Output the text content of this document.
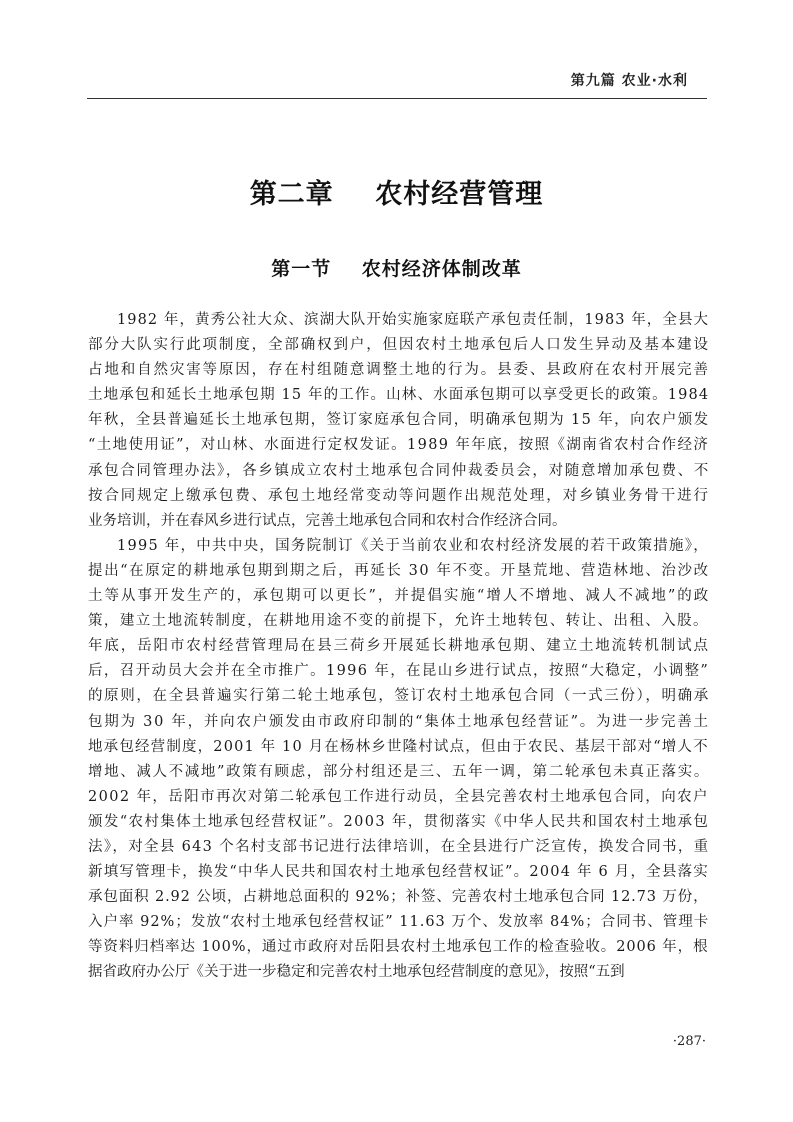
第九篇 农业·水利
第二章    农村经营管理
第一节    农村经济体制改革

1982 年，黄秀公社大众、滨湖大队开始实施家庭联产承包责任制，1983 年，全县大
部分大队实行此项制度，全部确权到户，但因农村土地承包后人口发生异动及基本建设
占地和自然灾害等原因，存在村组随意调整土地的行为。县委、县政府在农村开展完善
土地承包和延长土地承包期 15 年的工作。山林、水面承包期可以享受更长的政策。1984
年秋，全县普遍延长土地承包期，签订家庭承包合同，明确承包期为 15 年，向农户颁发
“土地使用证”，对山林、水面进行定权发证。1989 年年底，按照《湖南省农村合作经济
承包合同管理办法》，各乡镇成立农村土地承包合同仲裁委员会，对随意增加承包费、不
按合同规定上缴承包费、承包土地经常变动等问题作出规范处理，对乡镇业务骨干进行
业务培训，并在春风乡进行试点，完善土地承包合同和农村合作经济合同。

1995 年，中共中央，国务院制订《关于当前农业和农村经济发展的若干政策措施》，
提出“在原定的耕地承包期到期之后，再延长 30 年不变。开垦荒地、营造林地、治沙改
土等从事开发生产的，承包期可以更长”，并提倡实施“增人不增地、减人不减地”的政
策，建立土地流转制度，在耕地用途不变的前提下，允许土地转包、转让、出租、入股。
年底，岳阳市农村经营管理局在县三荷乡开展延长耕地承包期、建立土地流转机制试点
后，召开动员大会并在全市推广。1996 年，在昆山乡进行试点，按照“大稳定，小调整”
的原则，在全县普遍实行第二轮土地承包，签订农村土地承包合同（一式三份），明确承
包期为 30 年，并向农户颁发由市政府印制的“集体土地承包经营证”。为进一步完善土
地承包经营制度，2001 年 10 月在杨林乡世隆村试点，但由于农民、基层干部对“增人不
增地、减人不减地”政策有顾虑，部分村组还是三、五年一调，第二轮承包未真正落实。
2002 年，岳阳市再次对第二轮承包工作进行动员，全县完善农村土地承包合同，向农户
颁发“农村集体土地承包经营权证”。2003 年，贯彻落实《中华人民共和国农村土地承包
法》，对全县 643 个名村支部书记进行法律培训，在全县进行广泛宣传，换发合同书，重
新填写管理卡，换发“中华人民共和国农村土地承包经营权证”。2004 年 6 月，全县落实
承包面积 2.92 公顷，占耕地总面积的 92%；补签、完善农村土地承包合同 12.73 万份，
入户率 92%；发放“农村土地承包经营权证” 11.63 万个、发放率 84%；合同书、管理卡
等资料归档率达 100%，通过市政府对岳阳县农村土地承包工作的检查验收。2006 年，根
据省政府办公厅《关于进一步稳定和完善农村土地承包经营制度的意见》，按照“五到

·287·
